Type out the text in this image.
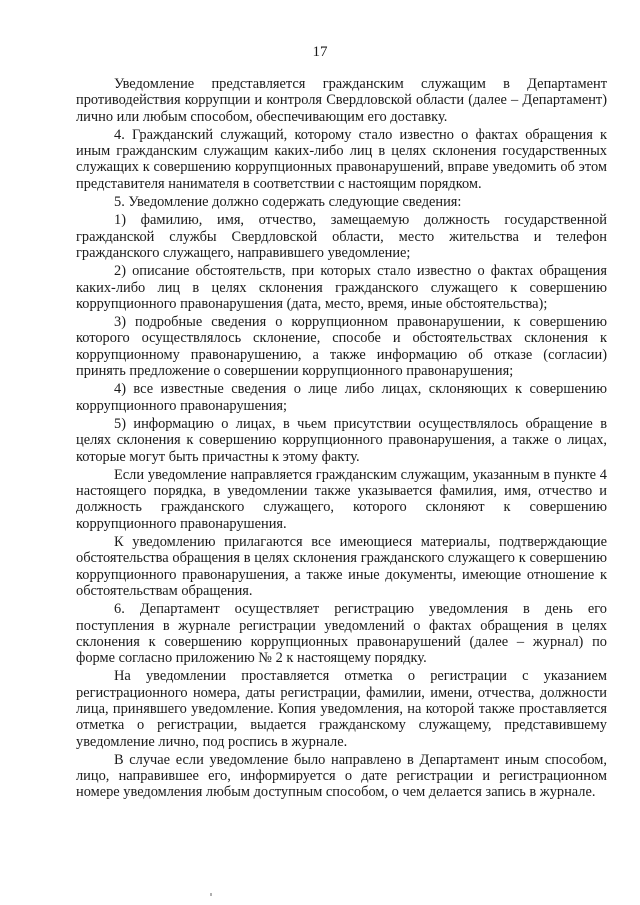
17

Уведомление представляется гражданским служащим в Департамент противодействия коррупции и контроля Свердловской области (далее – Департамент) лично или любым способом, обеспечивающим его доставку.

4. Гражданский служащий, которому стало известно о фактах обращения к иным гражданским служащим каких-либо лиц в целях склонения государственных служащих к совершению коррупционных правонарушений, вправе уведомить об этом представителя нанимателя в соответствии с настоящим порядком.

5. Уведомление должно содержать следующие сведения:

1) фамилию, имя, отчество, замещаемую должность государственной гражданской службы Свердловской области, место жительства и телефон гражданского служащего, направившего уведомление;

2) описание обстоятельств, при которых стало известно о фактах обращения каких-либо лиц в целях склонения гражданского служащего к совершению коррупционного правонарушения (дата, место, время, иные обстоятельства);

3) подробные сведения о коррупционном правонарушении, к совершению которого осуществлялось склонение, способе и обстоятельствах склонения к коррупционному правонарушению, а также информацию об отказе (согласии) принять предложение о совершении коррупционного правонарушения;

4) все известные сведения о лице либо лицах, склоняющих к совершению коррупционного правонарушения;

5) информацию о лицах, в чьем присутствии осуществлялось обращение в целях склонения к совершению коррупционного правонарушения, а также о лицах, которые могут быть причастны к этому факту.

Если уведомление направляется гражданским служащим, указанным в пункте 4 настоящего порядка, в уведомлении также указывается фамилия, имя, отчество и должность гражданского служащего, которого склоняют к совершению коррупционного правонарушения.

К уведомлению прилагаются все имеющиеся материалы, подтверждающие обстоятельства обращения в целях склонения гражданского служащего к совершению коррупционного правонарушения, а также иные документы, имеющие отношение к обстоятельствам обращения.

6. Департамент осуществляет регистрацию уведомления в день его поступления в журнале регистрации уведомлений о фактах обращения в целях склонения к совершению коррупционных правонарушений (далее – журнал) по форме согласно приложению № 2 к настоящему порядку.

На уведомлении проставляется отметка о регистрации с указанием регистрационного номера, даты регистрации, фамилии, имени, отчества, должности лица, принявшего уведомление. Копия уведомления, на которой также проставляется отметка о регистрации, выдается гражданскому служащему, представившему уведомление лично, под роспись в журнале.

В случае если уведомление было направлено в Департамент иным способом, лицо, направившее его, информируется о дате регистрации и регистрационном номере уведомления любым доступным способом, о чем делается запись в журнале.
